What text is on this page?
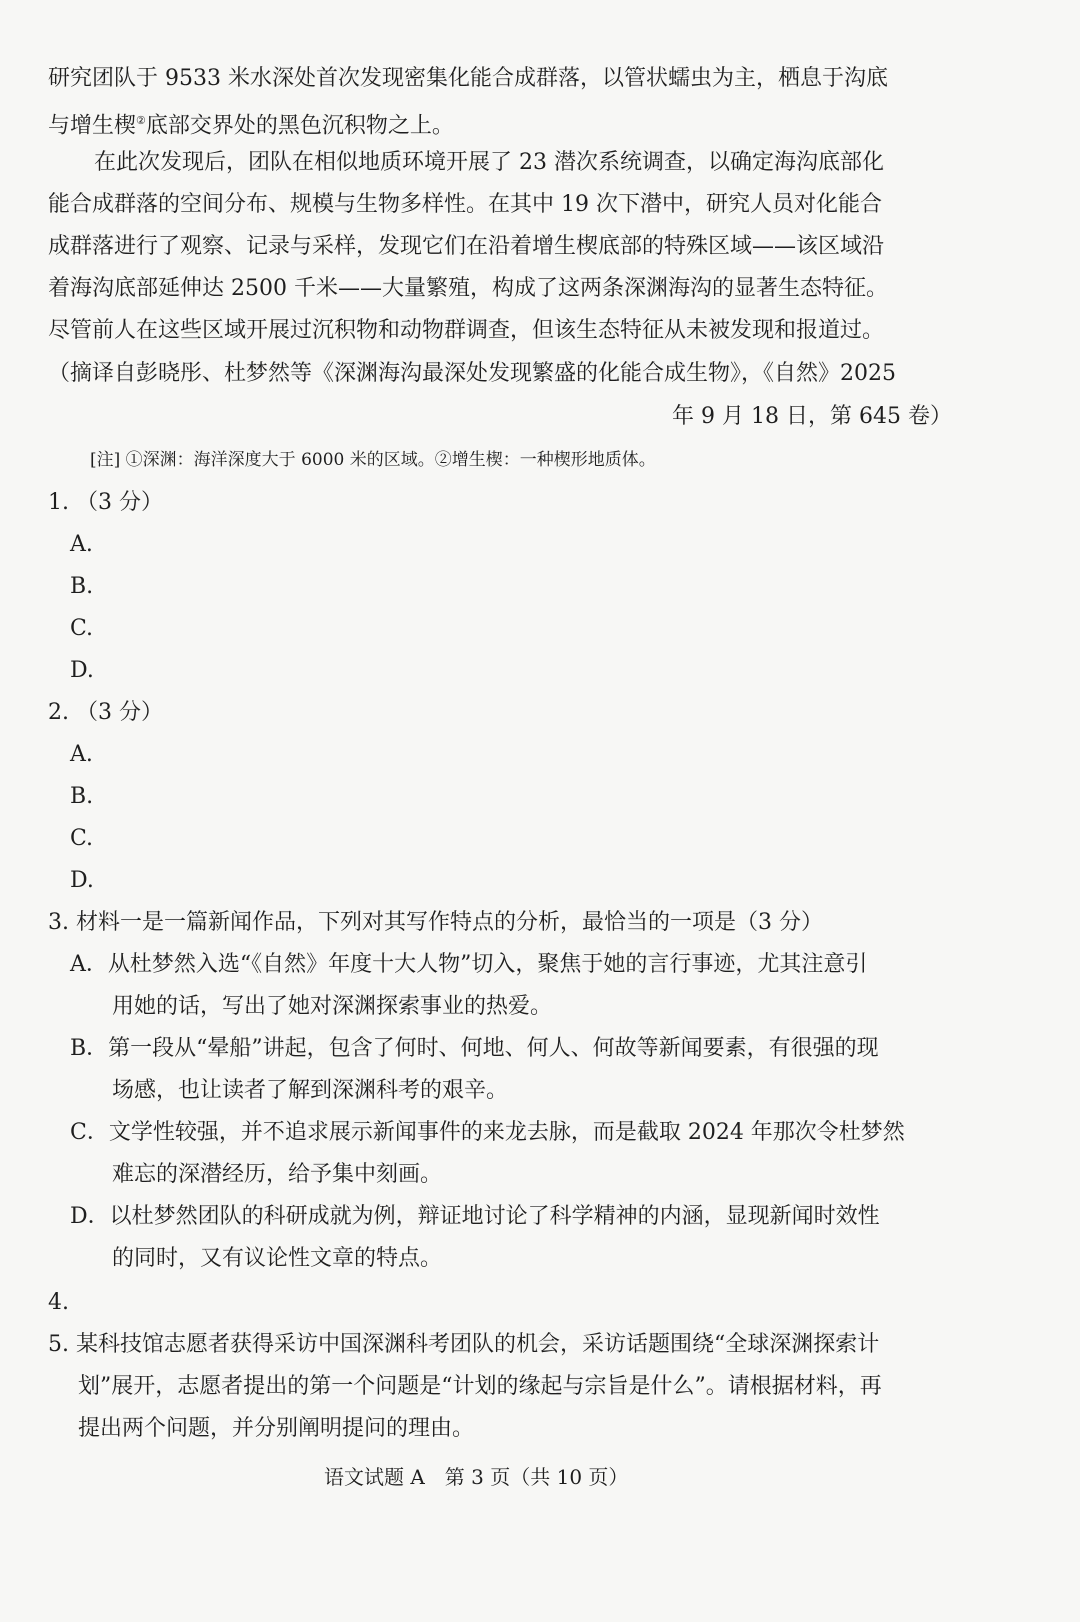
研究团队于 9533 米水深处首次发现密集化能合成群落，以管状蠕虫为主，栖息于沟底
与增生楔②底部交界处的黑色沉积物之上。
在此次发现后，团队在相似地质环境开展了 23 潜次系统调查，以确定海沟底部化
能合成群落的空间分布、规模与生物多样性。在其中 19 次下潜中，研究人员对化能合
成群落进行了观察、记录与采样，发现它们在沿着增生楔底部的特殊区域——该区域沿
着海沟底部延伸达 2500 千米——大量繁殖，构成了这两条深渊海沟的显著生态特征。
尽管前人在这些区域开展过沉积物和动物群调查，但该生态特征从未被发现和报道过。
（摘译自彭晓彤、杜梦然等《深渊海沟最深处发现繁盛的化能合成生物》，《自然》2025
年 9 月 18 日，第 645 卷）
[注] ①深渊：海洋深度大于 6000 米的区域。②增生楔：一种楔形地质体。
1. （3 分）
A.
B.
C.
D.
2. （3 分）
A.
B.
C.
D.
3. 材料一是一篇新闻作品，下列对其写作特点的分析，最恰当的一项是（3 分）
A．从杜梦然入选“《自然》年度十大人物”切入，聚焦于她的言行事迹，尤其注意引
用她的话，写出了她对深渊探索事业的热爱。
B．第一段从“晕船”讲起，包含了何时、何地、何人、何故等新闻要素，有很强的现
场感，也让读者了解到深渊科考的艰辛。
C．文学性较强，并不追求展示新闻事件的来龙去脉，而是截取 2024 年那次令杜梦然
难忘的深潜经历，给予集中刻画。
D．以杜梦然团队的科研成就为例，辩证地讨论了科学精神的内涵，显现新闻时效性
的同时，又有议论性文章的特点。
4.
5. 某科技馆志愿者获得采访中国深渊科考团队的机会，采访话题围绕“全球深渊探索计
划”展开，志愿者提出的第一个问题是“计划的缘起与宗旨是什么”。请根据材料，再
提出两个问题，并分别阐明提问的理由。
语文试题 A　第 3 页（共 10 页）
